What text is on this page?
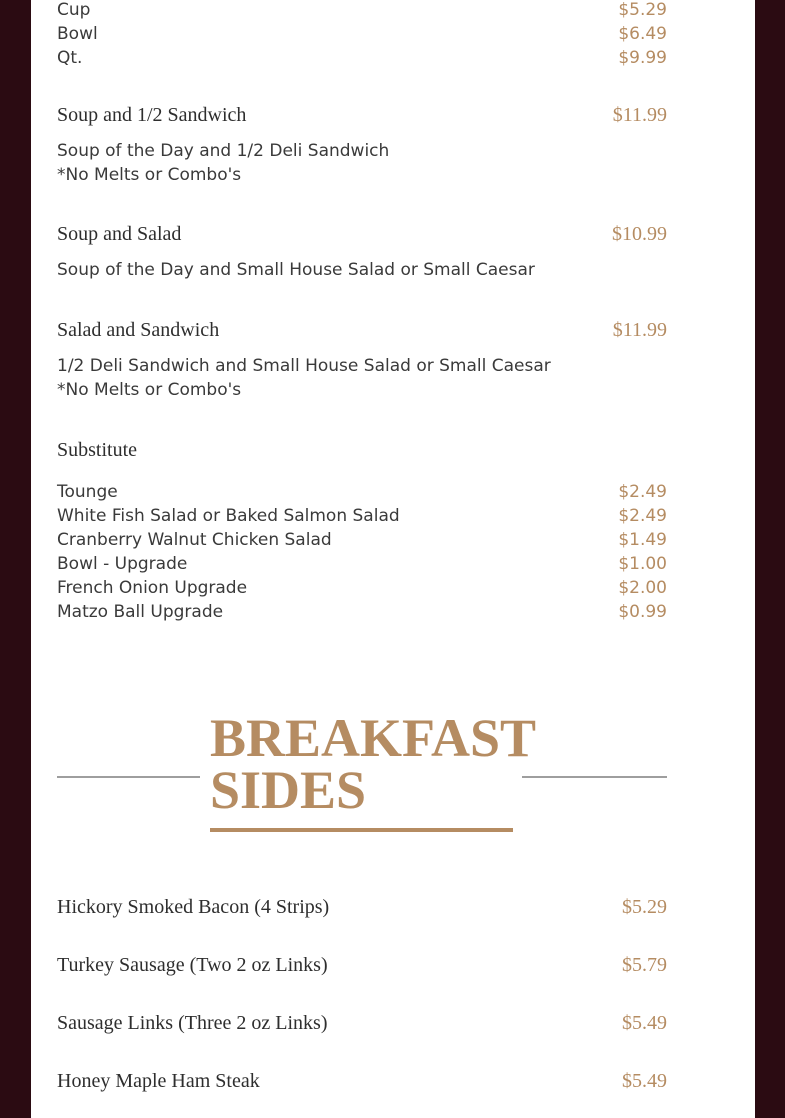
Cup	$5.29
Bowl	$6.49
Qt.	$9.99
Soup and 1/2 Sandwich	$11.99
Soup of the Day and 1/2 Deli Sandwich
*No Melts or Combo's
Soup and Salad	$10.99
Soup of the Day and Small House Salad or Small Caesar
Salad and Sandwich	$11.99
1/2 Deli Sandwich and Small House Salad or Small Caesar
*No Melts or Combo's
Substitute
Tounge	$2.49
White Fish Salad or Baked Salmon Salad	$2.49
Cranberry Walnut Chicken Salad	$1.49
Bowl - Upgrade	$1.00
French Onion Upgrade	$2.00
Matzo Ball Upgrade	$0.99
BREAKFAST
SIDES
Hickory Smoked Bacon (4 Strips)	$5.29
Turkey Sausage (Two 2 oz Links)	$5.79
Sausage Links (Three 2 oz Links)	$5.49
Honey Maple Ham Steak	$5.49
